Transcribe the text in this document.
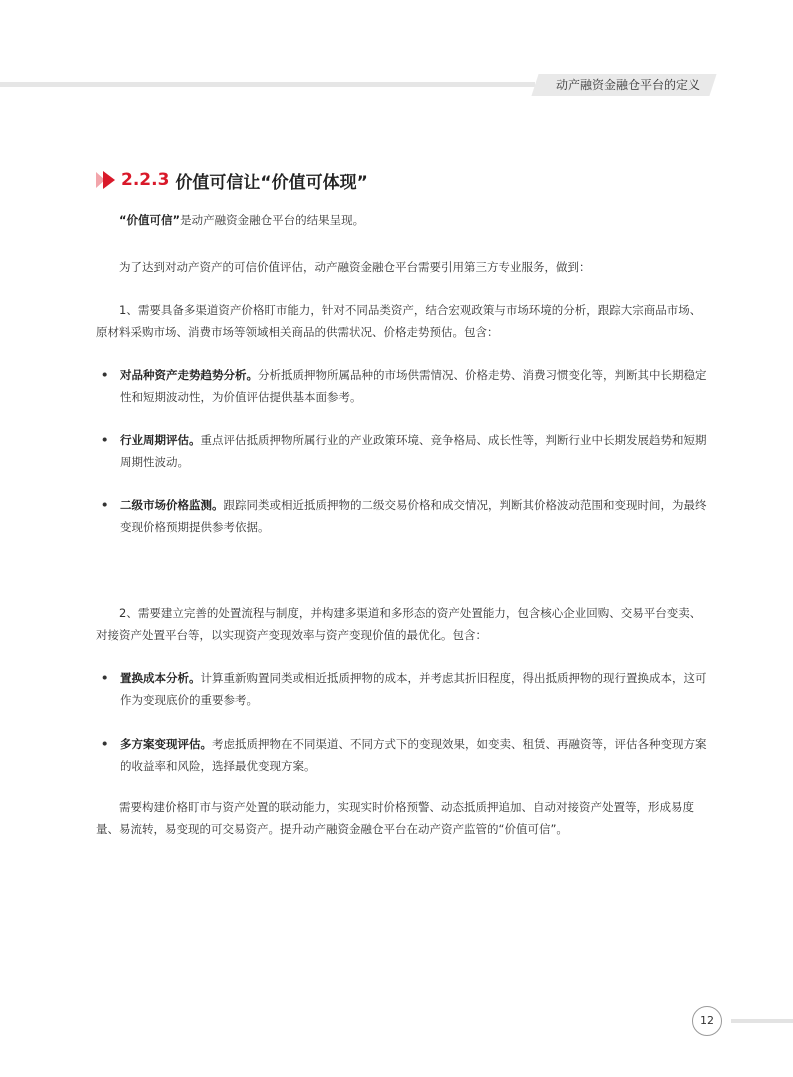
动产融资金融仓平台的定义
2.2.3 价值可信让“价值可体现”
“价值可信”是动产融资金融仓平台的结果呈现。
为了达到对动产资产的可信价值评估，动产融资金融仓平台需要引用第三方专业服务，做到：
1、需要具备多渠道资产价格盯市能力，针对不同品类资产，结合宏观政策与市场环境的分析，跟踪大宗商品市场、原材料采购市场、消费市场等领域相关商品的供需状况、价格走势预估。包含：
• 对品种资产走势趋势分析。分析抵质押物所属品种的市场供需情况、价格走势、消费习惯变化等，判断其中长期稳定性和短期波动性，为价值评估提供基本面参考。
• 行业周期评估。重点评估抵质押物所属行业的产业政策环境、竞争格局、成长性等，判断行业中长期发展趋势和短期周期性波动。
• 二级市场价格监测。跟踪同类或相近抵质押物的二级交易价格和成交情况，判断其价格波动范围和变现时间，为最终变现价格预期提供参考依据。
2、需要建立完善的处置流程与制度，并构建多渠道和多形态的资产处置能力，包含核心企业回购、交易平台变卖、对接资产处置平台等，以实现资产变现效率与资产变现价值的最优化。包含：
• 置换成本分析。计算重新购置同类或相近抵质押物的成本，并考虑其折旧程度，得出抵质押物的现行置换成本，这可作为变现底价的重要参考。
• 多方案变现评估。考虑抵质押物在不同渠道、不同方式下的变现效果，如变卖、租赁、再融资等，评估各种变现方案的收益率和风险，选择最优变现方案。
需要构建价格盯市与资产处置的联动能力，实现实时价格预警、动态抵质押追加、自动对接资产处置等，形成易度量、易流转，易变现的可交易资产。提升动产融资金融仓平台在动产资产监管的“价值可信”。
12
